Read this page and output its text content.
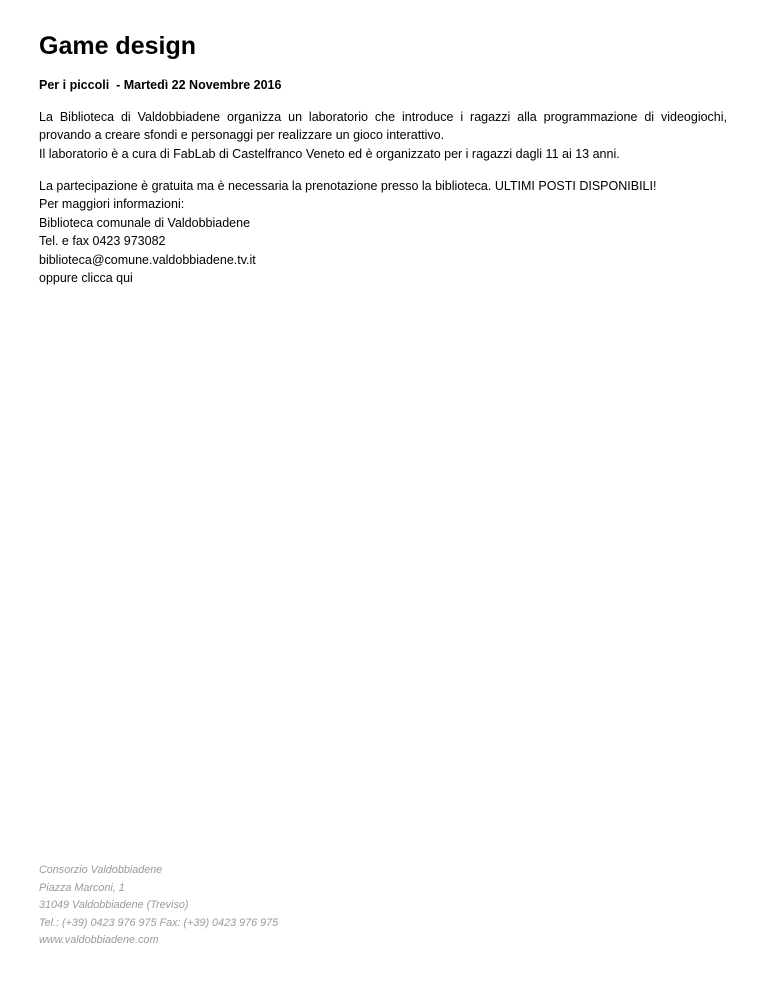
Game design

Per i piccoli  - Martedì 22 Novembre 2016

La Biblioteca di Valdobbiadene organizza un laboratorio che introduce i ragazzi alla programmazione di videogiochi,
provando a creare sfondi e personaggi per realizzare un gioco interattivo.
Il laboratorio è a cura di FabLab di Castelfranco Veneto ed è organizzato per i ragazzi dagli 11 ai 13 anni.
La partecipazione è gratuita ma è necessaria la prenotazione presso la biblioteca. ULTIMI POSTI DISPONIBILI!
Per maggiori informazioni:
Biblioteca comunale di Valdobbiadene
Tel. e fax 0423 973082
biblioteca@comune.valdobbiadene.tv.it
oppure clicca qui
Consorzio Valdobbiadene
Piazza Marconi, 1
31049 Valdobbiadene (Treviso)
Tel.: (+39) 0423 976 975 Fax: (+39) 0423 976 975
www.valdobbiadene.com
